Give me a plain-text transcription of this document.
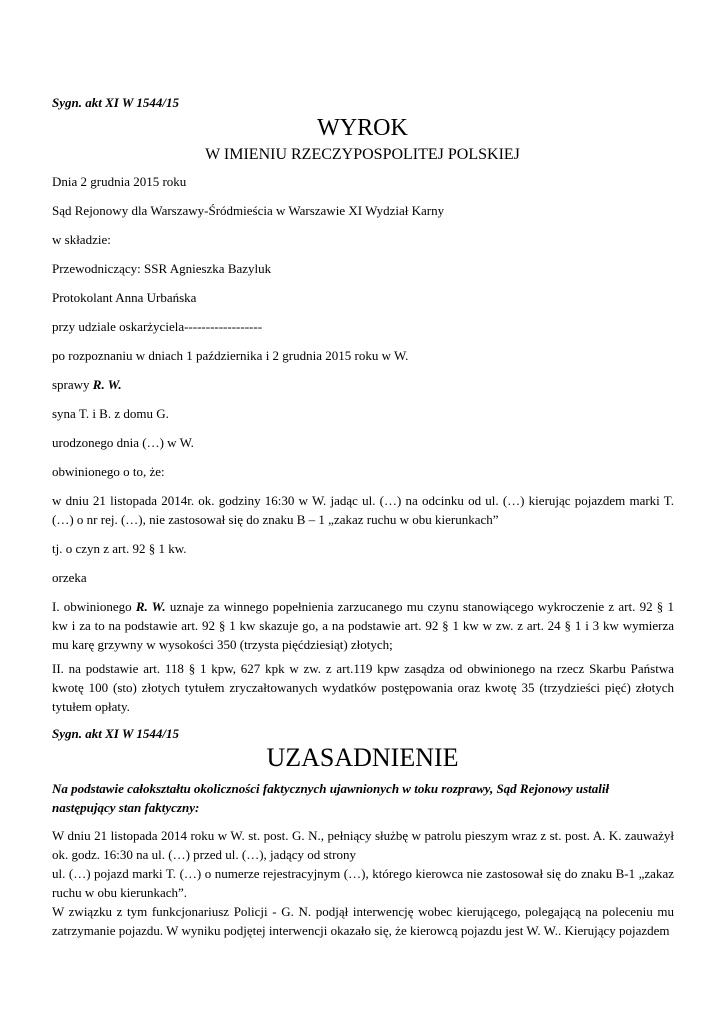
Sygn. akt XI W 1544/15

WYROK
W IMIENIU RZECZYPOSPOLITEJ POLSKIEJ

Dnia 2 grudnia 2015 roku

Sąd Rejonowy dla Warszawy-Śródmieścia w Warszawie XI Wydział Karny

w składzie:

Przewodniczący: SSR Agnieszka Bazyluk

Protokolant Anna Urbańska

przy udziale oskarżyciela------------------

po rozpoznaniu w dniach 1 października i 2 grudnia 2015 roku w W.

sprawy R. W.

syna T. i B. z domu G.

urodzonego dnia (…) w W.

obwinionego o to, że:

w dniu 21 listopada 2014r. ok. godziny 16:30 w W. jadąc ul. (…) na odcinku od ul. (…) kierując pojazdem marki T. (…) o nr rej. (…), nie zastosował się do znaku B – 1 „zakaz ruchu w obu kierunkach”

tj. o czyn z art. 92 § 1 kw.

orzeka

I. obwinionego R. W. uznaje za winnego popełnienia zarzucanego mu czynu stanowiącego wykroczenie z art. 92 § 1 kw i za to na podstawie art. 92 § 1 kw skazuje go, a na podstawie art. 92 § 1 kw w zw. z art. 24 § 1 i 3 kw wymierza mu karę grzywny w wysokości 350 (trzysta pięćdziesiąt) złotych;

II. na podstawie art. 118 § 1 kpw, 627 kpk w zw. z art.119 kpw zasądza od obwinionego na rzecz Skarbu Państwa kwotę 100 (sto) złotych tytułem zryczałtowanych wydatków postępowania oraz kwotę 35 (trzydzieści pięć) złotych tytułem opłaty.

Sygn. akt XI W 1544/15

UZASADNIENIE

Na podstawie całokształtu okoliczności faktycznych ujawnionych w toku rozprawy, Sąd Rejonowy ustalił następujący stan faktyczny:

W dniu 21 listopada 2014 roku w W. st. post. G. N., pełniący służbę w patrolu pieszym wraz z st. post. A. K. zauważył ok. godz. 16:30 na ul. (…) przed ul. (…), jadący od strony
ul. (…) pojazd marki T. (…) o numerze rejestracyjnym (…), którego kierowca nie zastosował się do znaku B-1 „zakaz ruchu w obu kierunkach”.
W związku z tym funkcjonariusz Policji - G. N. podjął interwencję wobec kierującego, polegającą na poleceniu mu zatrzymanie pojazdu. W wyniku podjętej interwencji okazało się, że kierowcą pojazdu jest W. W.. Kierujący pojazdem
